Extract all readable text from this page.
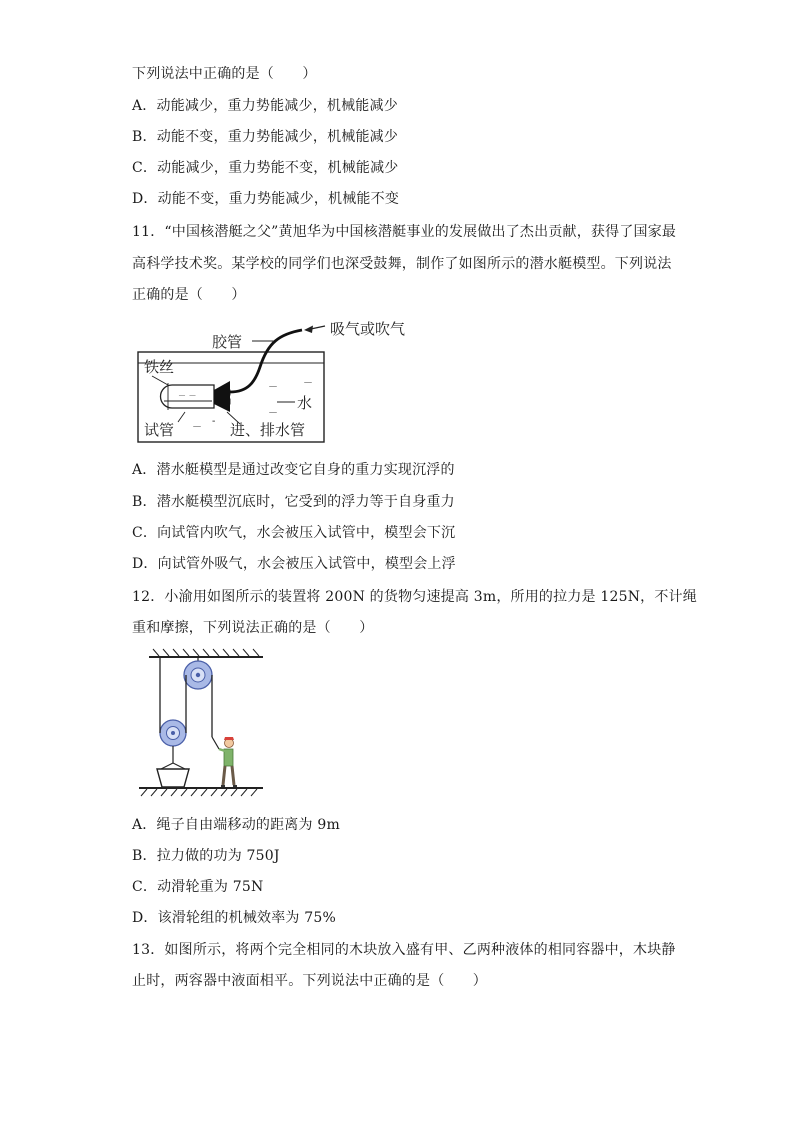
下列说法中正确的是（　　）
A．动能减少，重力势能减少，机械能减少
B．动能不变，重力势能减少，机械能减少
C．动能减少，重力势能不变，机械能减少
D．动能不变，重力势能减少，机械能不变
11．“中国核潜艇之父”黄旭华为中国核潜艇事业的发展做出了杰出贡献，获得了国家最
高科学技术奖。某学校的同学们也深受鼓舞，制作了如图所示的潜水艇模型。下列说法
正确的是（　　）
－ －
－	－
－
－
-
胶管
吸气或吹气
铁丝
水
试管	进、排水管
A．潜水艇模型是通过改变它自身的重力实现沉浮的
B．潜水艇模型沉底时，它受到的浮力等于自身重力
C．向试管内吹气，水会被压入试管中，模型会下沉
D．向试管外吸气，水会被压入试管中，模型会上浮
12．小渝用如图所示的装置将 200N 的货物匀速提高 3m，所用的拉力是 125N，不计绳
重和摩擦，下列说法正确的是（　　）
A．绳子自由端移动的距离为 9m
B．拉力做的功为 750J
C．动滑轮重为 75N
D．该滑轮组的机械效率为 75%
13．如图所示，将两个完全相同的木块放入盛有甲、乙两种液体的相同容器中，木块静
止时，两容器中液面相平。下列说法中正确的是（　　）
